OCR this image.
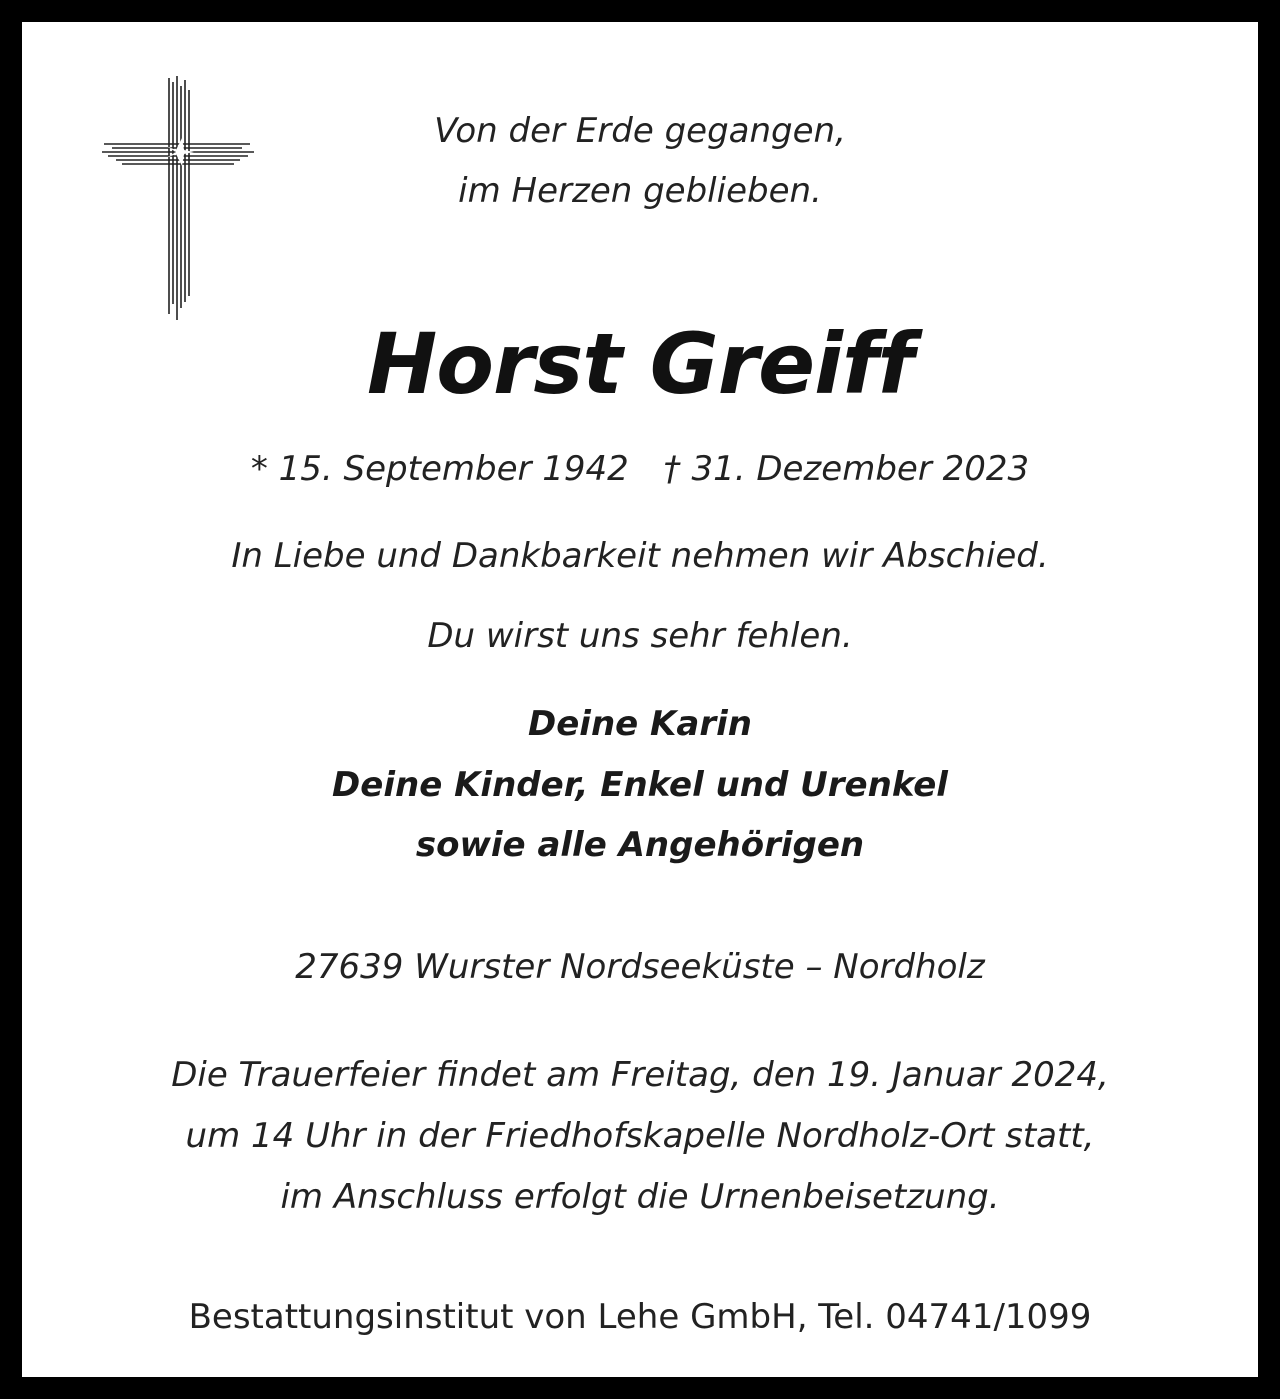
Von der Erde gegangen,
im Herzen geblieben.
Horst Greiff
* 15. September 1942 † 31. Dezember 2023
In Liebe und Dankbarkeit nehmen wir Abschied.
Du wirst uns sehr fehlen.
Deine Karin
Deine Kinder, Enkel und Urenkel
sowie alle Angehörigen
27639 Wurster Nordseeküste – Nordholz
Die Trauerfeier findet am Freitag, den 19. Januar 2024,
um 14 Uhr in der Friedhofskapelle Nordholz-Ort statt,
im Anschluss erfolgt die Urnenbeisetzung.
Bestattungsinstitut von Lehe GmbH, Tel. 04741/1099
